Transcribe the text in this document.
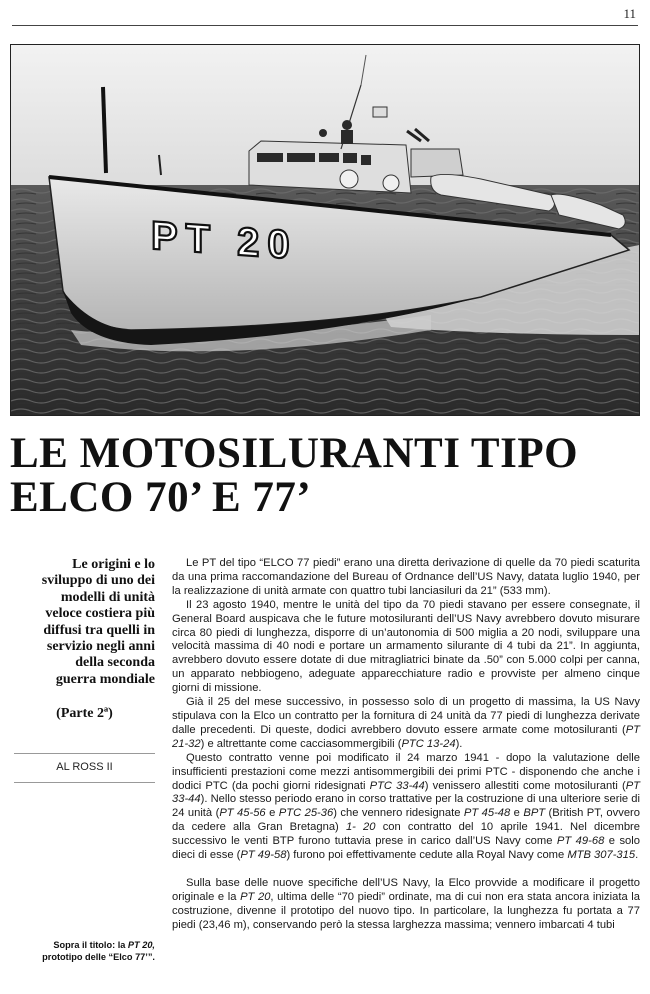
11
PT 20
LE MOTOSILURANTI TIPO
ELCO 70’ E 77’
Le origini e lo
sviluppo di uno dei
modelli di unità
veloce costiera più
diffusi tra quelli in
servizio negli anni
della seconda
guerra mondiale
(Parte 2ª)
AL ROSS II
Sopra il titolo: la PT 20,
prototipo delle “Elco 77’”.

Le PT del tipo “ELCO 77 piedi” erano una diretta derivazione di quelle da 70 piedi scaturita da una prima raccomandazione del Bureau of Ordnance dell’US Navy, datata luglio 1940, per la realizzazione di unità armate con quattro tubi lanciasiluri da 21” (533 mm).

Il 23 agosto 1940, mentre le unità del tipo da 70 piedi stavano per essere consegnate, il General Board auspicava che le future motosiluranti dell’US Navy avrebbero dovuto misurare circa 80 piedi di lunghezza, disporre di un’autonomia di 500 miglia a 20 nodi, sviluppare una velocità massima di 40 nodi e portare un armamento silurante di 4 tubi da 21”. In aggiunta, avrebbero dovuto essere dotate di due mitragliatrici binate da .50” con 5.000 colpi per canna, un apparato nebbiogeno, adeguate apparecchiature radio e provviste per almeno cinque giorni di missione.

Già il 25 del mese successivo, in possesso solo di un progetto di massima, la US Navy stipulava con la Elco un contratto per la fornitura di 24 unità da 77 piedi di lunghezza derivate dalle precedenti. Di queste, dodici avrebbero dovuto essere armate come motosiluranti (PT 21-32) e altrettante come cacciasommergibili (PTC 13-24).

Questo contratto venne poi modificato il 24 marzo 1941 - dopo la valutazione delle insufficienti prestazioni come mezzi antisommergibili dei primi PTC - disponendo che anche i dodici PTC (da pochi giorni ridesignati PTC 33-44) venissero allestiti come motosiluranti (PT 33-44). Nello stesso periodo erano in corso trattative per la costruzione di una ulteriore serie di 24 unità (PT 45-56 e PTC 25-36) che vennero ridesignate PT 45-48 e BPT (British PT, ovvero da cedere alla Gran Bretagna) 1- 20 con contratto del 10 aprile 1941. Nel dicembre successivo le venti BTP furono tuttavia prese in carico dall’US Navy come PT 49-68 e solo dieci di esse (PT 49-58) furono poi effettivamente cedute alla Royal Navy come MTB 307-315.

Sulla base delle nuove specifiche dell’US Navy, la Elco provvide a modificare il progetto originale e la PT 20, ultima delle “70 piedi” ordinate, ma di cui non era stata ancora iniziata la costruzione, divenne il prototipo del nuovo tipo. In particolare, la lunghezza fu portata a 77 piedi (23,46 m), conservando però la stessa larghezza massima; vennero imbarcati 4 tubi
